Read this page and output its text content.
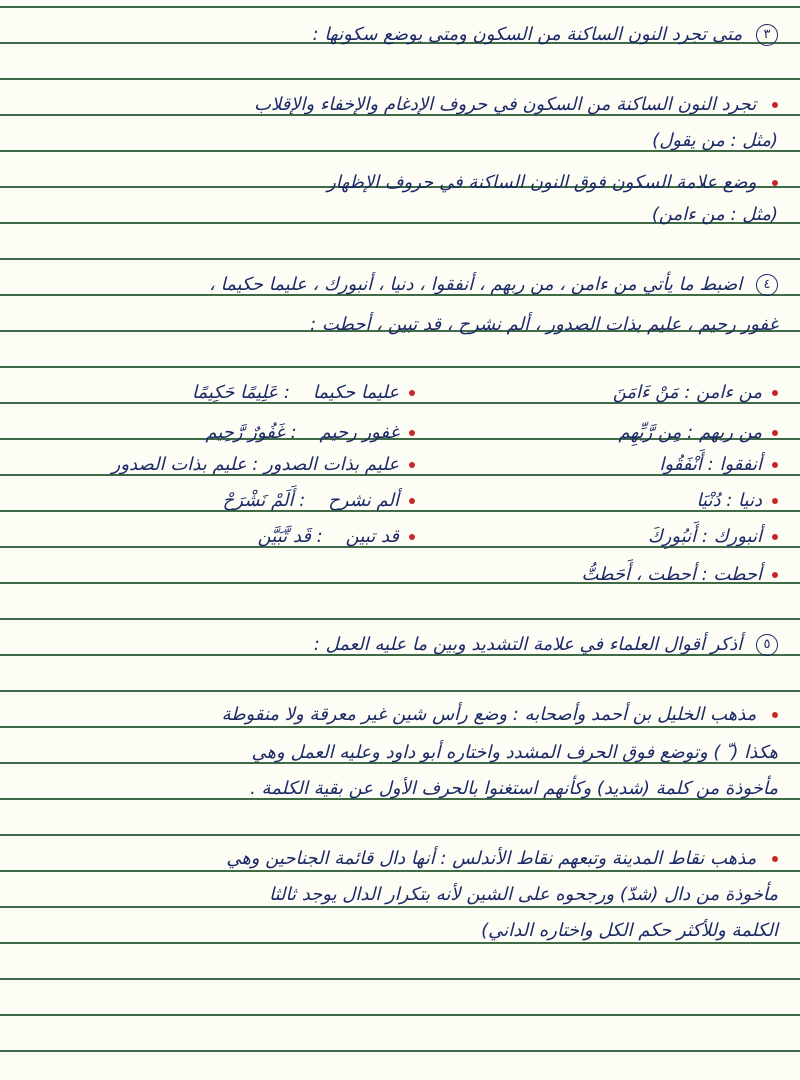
٣ متى تجرد النون الساكنة من السكون ومتى يوضع سكونها :
تجرد النون الساكنة من السكون في حروف الإدغام والإخفاء والإقلاب
(مثل : من يقول)
وضع علامة السكون فوق النون الساكنة في حروف الإظهار
(مثل : من ءامن)
٤ اضبط ما يأتي من ءامن ، من ربهم ، أنفقوا ، دنيا ، أنبورك ، عليما حكيما ،
غفور رحيم ، عليم بذات الصدور ، ألم نشرح ، قد تبين ، أحطت :
من ءامن : مَنْ ءَامَنَ
من ربهم : مِن رَّبِّهِم
أنفقوا : أَنْفَقُوا
دنيا : دُنْيَا
أنبورك : أَنبُورِكَ
أحطت : أحطت ، أَحَطتُّ
عليما حكيما    : عَلِيمًا حَكِيمًا
غفور رحيم    : غَفُورٌ رَّحِيم
عليم بذات الصدور : عليم بذات الصدور
ألم نشرح    : أَلَمْ نَشْرَحْ
قد تبين    : قَد تَّبَيَّن
٥ أذكر أقوال العلماء في علامة التشديد وبين ما عليه العمل :
مذهب الخليل بن أحمد وأصحابه : وضع رأس شين غير معرقة ولا منقوطة
هكذا ( ّ ) وتوضع فوق الحرف المشدد واختاره أبو داود وعليه العمل وهي
مأخوذة من كلمة (شديد) وكأنهم استغنوا بالحرف الأول عن بقية الكلمة .
مذهب نقاط المدينة وتبعهم نقاط الأندلس : أنها دال قائمة الجناحين وهي
مأخوذة من دال (شدّ) ورجحوه على الشين لأنه بتكرار الدال يوجد ثالثا
الكلمة وللأكثر حكم الكل واختاره الداني)
